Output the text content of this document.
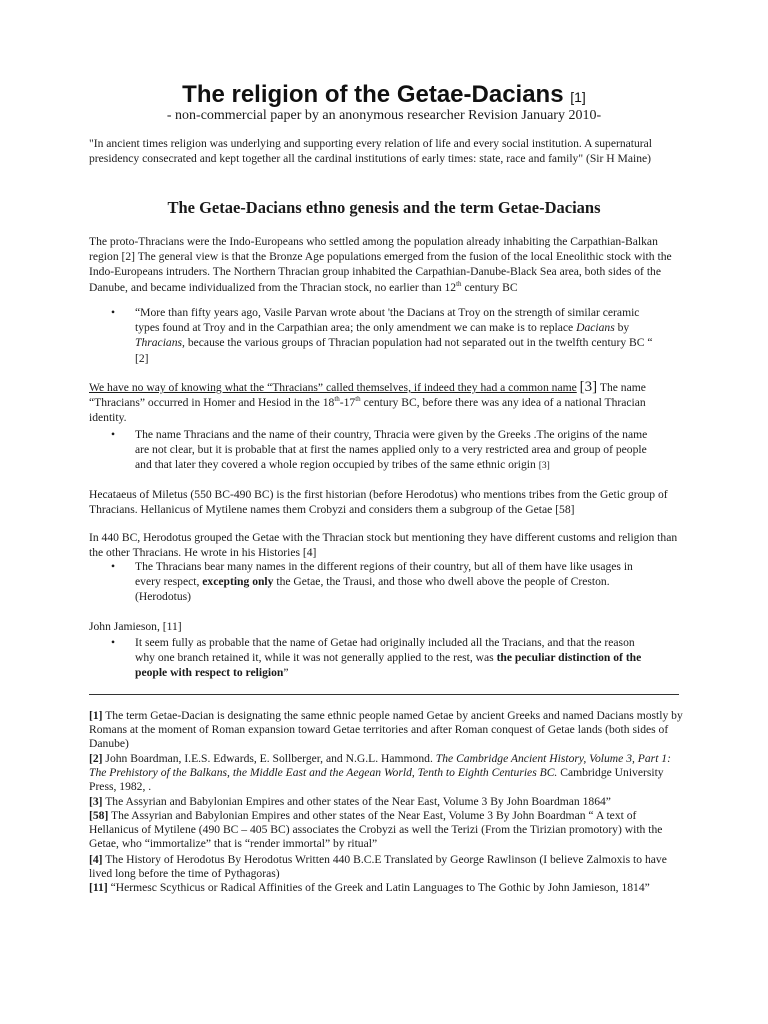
The religion of the Getae-Dacians [1]
- non-commercial paper by an anonymous researcher Revision January 2010-
"In ancient times religion was underlying and supporting every relation of life and every social institution. A supernatural presidency consecrated and kept together all the cardinal institutions of early times: state, race and family" (Sir H Maine)
The Getae-Dacians ethno genesis and the term Getae-Dacians
The proto-Thracians were the Indo-Europeans who settled among the population already inhabiting the Carpathian-Balkan region [2] The general view is that the Bronze Age populations emerged from the fusion of the local Eneolithic stock with the Indo-Europeans intruders. The Northern Thracian group inhabited the Carpathian-Danube-Black Sea area, both sides of the Danube, and became individualized from the Thracian stock, no earlier than 12th century BC
• “More than fifty years ago, Vasile Parvan wrote about 'the Dacians at Troy on the strength of similar ceramic types found at Troy and in the Carpathian area; the only amendment we can make is to replace Dacians by Thracians, because the various groups of Thracian population had not separated out in the twelfth century BC “ [2]
We have no way of knowing what the “Thracians” called themselves, if indeed they had a common name [3] The name “Thracians” occurred in Homer and Hesiod in the 18th-17th century BC, before there was any idea of a national Thracian identity.
• The name Thracians and the name of their country, Thracia were given by the Greeks .The origins of the name are not clear, but it is probable that at first the names applied only to a very restricted area and group of people and that later they covered a whole region occupied by tribes of the same ethnic origin [3]
Hecataeus of Miletus (550 BC-490 BC) is the first historian (before Herodotus) who mentions tribes from the Getic group of Thracians. Hellanicus of Mytilene names them Crobyzi and considers them a subgroup of the Getae [58]
In 440 BC, Herodotus grouped the Getae with the Thracian stock but mentioning they have different customs and religion than the other Thracians. He wrote in his Histories [4]
• The Thracians bear many names in the different regions of their country, but all of them have like usages in every respect, excepting only the Getae, the Trausi, and those who dwell above the people of Creston. (Herodotus)
John Jamieson, [11]
• It seem fully as probable that the name of Getae had originally included all the Tracians, and that the reason why one branch retained it, while it was not generally applied to the rest, was the peculiar distinction of the people with respect to religion”
[1] The term Getae-Dacian is designating the same ethnic people named Getae by ancient Greeks and named Dacians mostly by Romans at the moment of Roman expansion toward Getae territories and after Roman conquest of Getae lands (both sides of Danube)
[2] John Boardman, I.E.S. Edwards, E. Sollberger, and N.G.L. Hammond. The Cambridge Ancient History, Volume 3, Part 1: The Prehistory of the Balkans, the Middle East and the Aegean World, Tenth to Eighth Centuries BC. Cambridge University Press, 1982, .
[3] The Assyrian and Babylonian Empires and other states of the Near East, Volume 3 By John Boardman 1864”
[58] The Assyrian and Babylonian Empires and other states of the Near East, Volume 3 By John Boardman “ A text of Hellanicus of Mytilene (490 BC – 405 BC) associates the Crobyzi as well the Terizi (From the Tirizian promotory) with the Getae, who “immortalize” that is “render immortal” by ritual”
[4] The History of Herodotus By Herodotus Written 440 B.C.E Translated by George Rawlinson (I believe Zalmoxis to have lived long before the time of Pythagoras)
[11] “Hermesc Scythicus or Radical Affinities of the Greek and Latin Languages to The Gothic by John Jamieson, 1814”
